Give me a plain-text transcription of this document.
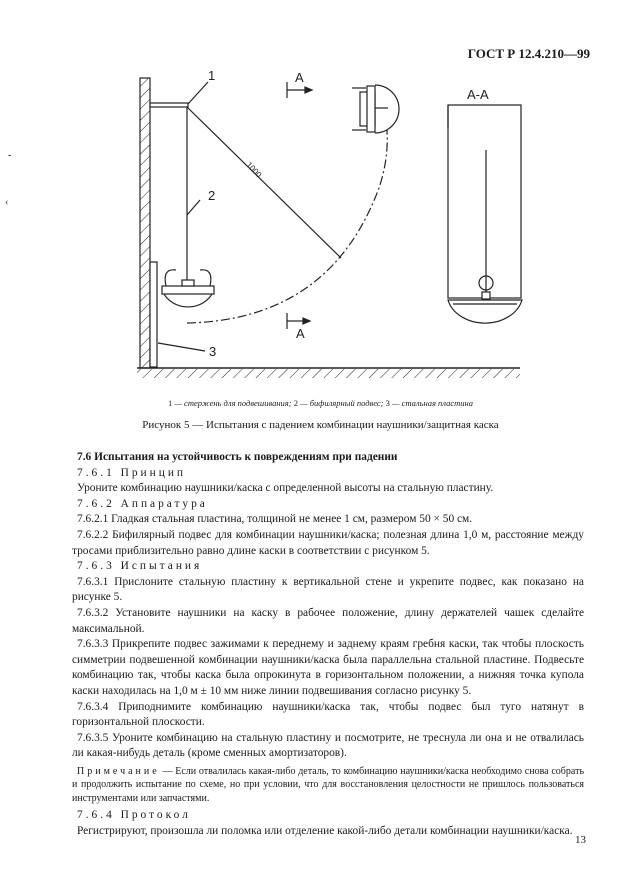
ГОСТ Р 12.4.210—99
-
‹
1
2
3
A
A
A-A
1000
1 — стержень для подвешивания; 2 — бифилярный подвес; 3 — стальная пластина
Рисунок 5 — Испытания с падением комбинации наушники/защитная каска

7.6 Испытания на устойчивость к повреждениям при падении

7.6.1 Принцип

Уроните комбинацию наушники/каска с определенной высоты на стальную пластину.

7.6.2 Аппаратура

7.6.2.1 Гладкая стальная пластина, толщиной не менее 1 см, размером 50 × 50 см.

7.6.2.2 Бифилярный подвес для комбинации наушники/каска; полезная длина 1,0 м, расстояние между тросами приблизительно равно длине каски в соответствии с рисунком 5.

7.6.3 Испытания

7.6.3.1 Прислоните стальную пластину к вертикальной стене и укрепите подвес, как показано на рисунке 5.

7.6.3.2 Установите наушники на каску в рабочее положение, длину держателей чашек сделайте максимальной.

7.6.3.3 Прикрепите подвес зажимами к переднему и заднему краям гребня каски, так чтобы плоскость симметрии подвешенной комбинации наушники/каска была параллельна стальной пластине. Подвесьте комбинацию так, чтобы каска была опрокинута в горизонтальном положении, а нижняя точка купола каски находилась на 1,0 м ± 10 мм ниже линии подвешивания согласно рисунку 5.

7.6.3.4 Приподнимите комбинацию наушники/каска так, чтобы подвес был туго натянут в горизонтальной плоскости.

7.6.3.5 Уроните комбинацию на стальную пластину и посмотрите, не треснула ли она и не отвалилась ли какая-нибудь деталь (кроме сменных амортизаторов).

Примечание — Если отвалилась какая-либо деталь, то комбинацию наушники/каска необходимо снова собрать и продолжить испытание по схеме, но при условии, что для восстановления целостности не пришлось пользоваться инструментами или запчастями.

7.6.4 Протокол

Регистрируют, произошла ли поломка или отделение какой-либо детали комбинации наушники/каска.

13
